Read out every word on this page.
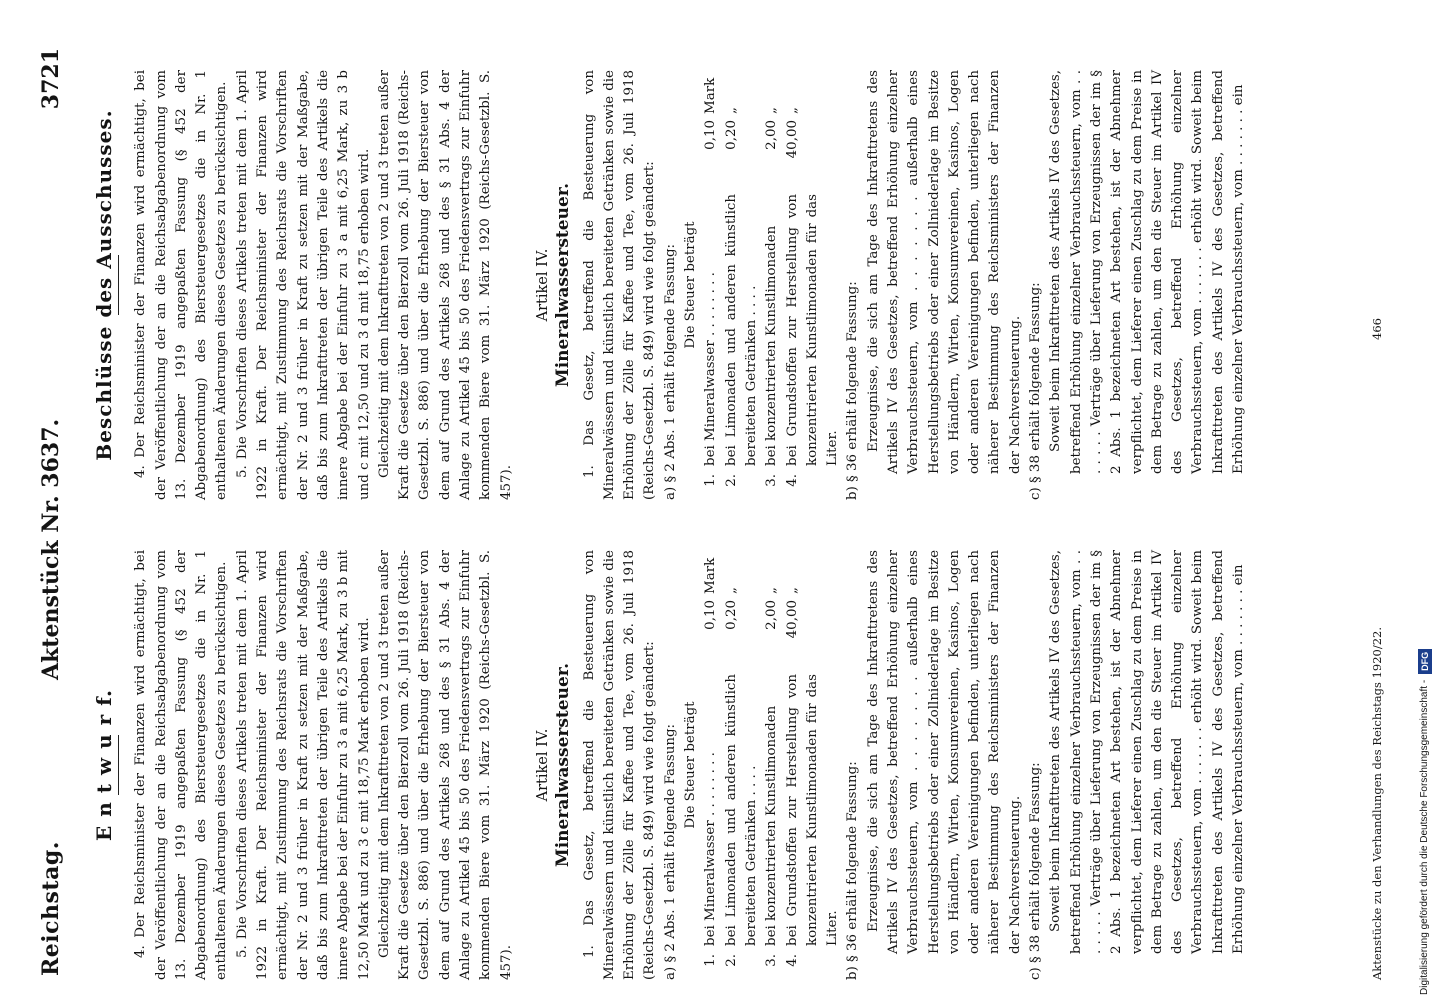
Reichstag.
Aktenstück Nr. 3637.
3721
E n t w u r f. 4. Der Reichsminister der Finanzen wird ermächtigt, bei der Veröffentlichung der an die Reichsabgabenordnung vom 13. Dezember 1919 angepaßten Fassung (§ 452 der Abgabenordnung) des Biersteuergesetzes die in Nr. 1 enthaltenen Änderungen dieses Gesetzes zu berücksichtigen. 5. Die Vorschriften dieses Artikels treten mit dem 1. April 1922 in Kraft. Der Reichsminister der Finanzen wird ermächtigt, mit Zustimmung des Reichsrats die Vorschriften der Nr. 2 und 3 früher in Kraft zu setzen mit der Maßgabe, daß bis zum Inkrafttreten der übrigen Teile des Artikels die innere Abgabe bei der Einfuhr zu 3 a mit 6,25 Mark, zu 3 b mit 12,50 Mark und zu 3 c mit 18,75 Mark erhoben wird. Gleichzeitig mit dem Inkrafttreten von 2 und 3 treten außer Kraft die Gesetze über den Bierzoll vom 26. Juli 1918 (Reichs-Gesetzbl. S. 886) und über die Erhebung der Biersteuer von dem auf Grund des Artikels 268 und des § 31 Abs. 4 der Anlage zu Artikel 45 bis 50 des Friedensvertrags zur Einfuhr kommenden Biere vom 31. März 1920 (Reichs-Gesetzbl. S. 457).

Artikel IV. Mineralwassersteuer. 1. Das Gesetz, betreffend die Besteuerung von Mineralwässern und künstlich bereiteten Getränken sowie die Erhöhung der Zölle für Kaffee und Tee, vom 26. Juli 1918 (Reichs-Gesetzbl. S. 849) wird wie folgt geändert: a) § 2 Abs. 1 erhält folgende Fassung: Die Steuer beträgt

1.
bei Mineralwasser . . . . . . . .
0,10
Mark
2.
bei Limonaden und anderen künstlich bereiteten Getränken . . . .
0,20
„
3.
bei konzentrierten Kunstlimonaden
2,00
„
4.
bei Grundstoffen zur Herstellung von konzentrierten Kunstlimonaden für das Liter.
40,00
„

b) § 36 erhält folgende Fassung: Erzeugnisse, die sich am Tage des Inkrafttretens des Artikels IV des Gesetzes, betreffend Erhöhung einzelner Verbrauchssteuern, vom . . . . . . . außerhalb eines Herstellungsbetriebs oder einer Zollniederlage im Besitze von Händlern, Wirten, Konsumvereinen, Kasinos, Logen oder anderen Vereinigungen befinden, unterliegen nach näherer Bestimmung des Reichsministers der Finanzen der Nachversteuerung. c) § 38 erhält folgende Fassung: Soweit beim Inkrafttreten des Artikels IV des Gesetzes, betreffend Erhöhung einzelner Verbrauchssteuern, vom . . . . . . . Verträge über Lieferung von Erzeugnissen der im § 2 Abs. 1 bezeichneten Art bestehen, ist der Abnehmer verpflichtet, dem Lieferer einen Zuschlag zu dem Preise in dem Betrage zu zahlen, um den die Steuer im Artikel IV des Gesetzes, betreffend Erhöhung einzelner Verbrauchssteuern, vom . . . . . . . erhöht wird. Soweit beim Inkrafttreten des Artikels IV des Gesetzes, betreffend Erhöhung einzelner Verbrauchssteuern, vom . . . . . . . ein

Beschlüsse des Ausschusses. 4. Der Reichsminister der Finanzen wird ermächtigt, bei der Veröffentlichung der an die Reichsabgabenordnung vom 13. Dezember 1919 angepaßten Fassung (§ 452 der Abgabenordnung) des Biersteuergesetzes die in Nr. 1 enthaltenen Änderungen dieses Gesetzes zu berücksichtigen. 5. Die Vorschriften dieses Artikels treten mit dem 1. April 1922 in Kraft. Der Reichsminister der Finanzen wird ermächtigt, mit Zustimmung des Reichsrats die Vorschriften der Nr. 2 und 3 früher in Kraft zu setzen mit der Maßgabe, daß bis zum Inkrafttreten der übrigen Teile des Artikels die innere Abgabe bei der Einfuhr zu 3 a mit 6,25 Mark, zu 3 b und c mit 12,50 und zu 3 d mit 18,75 erhoben wird. Gleichzeitig mit dem Inkrafttreten von 2 und 3 treten außer Kraft die Gesetze über den Bierzoll vom 26. Juli 1918 (Reichs-Gesetzbl. S. 886) und über die Erhebung der Biersteuer von dem auf Grund des Artikels 268 und des § 31 Abs. 4 der Anlage zu Artikel 45 bis 50 des Friedensvertrags zur Einfuhr kommenden Biere vom 31. März 1920 (Reichs-Gesetzbl. S. 457).

Artikel IV. Mineralwassersteuer. 1. Das Gesetz, betreffend die Besteuerung von Mineralwässern und künstlich bereiteten Getränken sowie die Erhöhung der Zölle für Kaffee und Tee, vom 26. Juli 1918 (Reichs-Gesetzbl. S. 849) wird wie folgt geändert: a) § 2 Abs. 1 erhält folgende Fassung: Die Steuer beträgt

1.
bei Mineralwasser . . . . . . . .
0,10
Mark
2.
bei Limonaden und anderen künstlich bereiteten Getränken . . . .
0,20
„
3.
bei konzentrierten Kunstlimonaden
2,00
„
4.
bei Grundstoffen zur Herstellung von konzentrierten Kunstlimonaden für das Liter.
40,00
„

b) § 36 erhält folgende Fassung: Erzeugnisse, die sich am Tage des Inkrafttretens des Artikels IV des Gesetzes, betreffend Erhöhung einzelner Verbrauchssteuern, vom . . . . . . . außerhalb eines Herstellungsbetriebs oder einer Zollniederlage im Besitze von Händlern, Wirten, Konsumvereinen, Kasinos, Logen oder anderen Vereinigungen befinden, unterliegen nach näherer Bestimmung des Reichsministers der Finanzen der Nachversteuerung. c) § 38 erhält folgende Fassung: Soweit beim Inkrafttreten des Artikels IV des Gesetzes, betreffend Erhöhung einzelner Verbrauchssteuern, vom . . . . . . . Verträge über Lieferung von Erzeugnissen der im § 2 Abs. 1 bezeichneten Art bestehen, ist der Abnehmer verpflichtet, dem Lieferer einen Zuschlag zu dem Preise in dem Betrage zu zahlen, um den die Steuer im Artikel IV des Gesetzes, betreffend Erhöhung einzelner Verbrauchssteuern, vom . . . . . . . erhöht wird. Soweit beim Inkrafttreten des Artikels IV des Gesetzes, betreffend Erhöhung einzelner Verbrauchssteuern, vom . . . . . . . ein

Aktenstücke zu den Verhandlungen des Reichstags 1920/22.
466
Digitalisierung gefördert durch die Deutsche Forschungsgemeinschaft -
DFG
